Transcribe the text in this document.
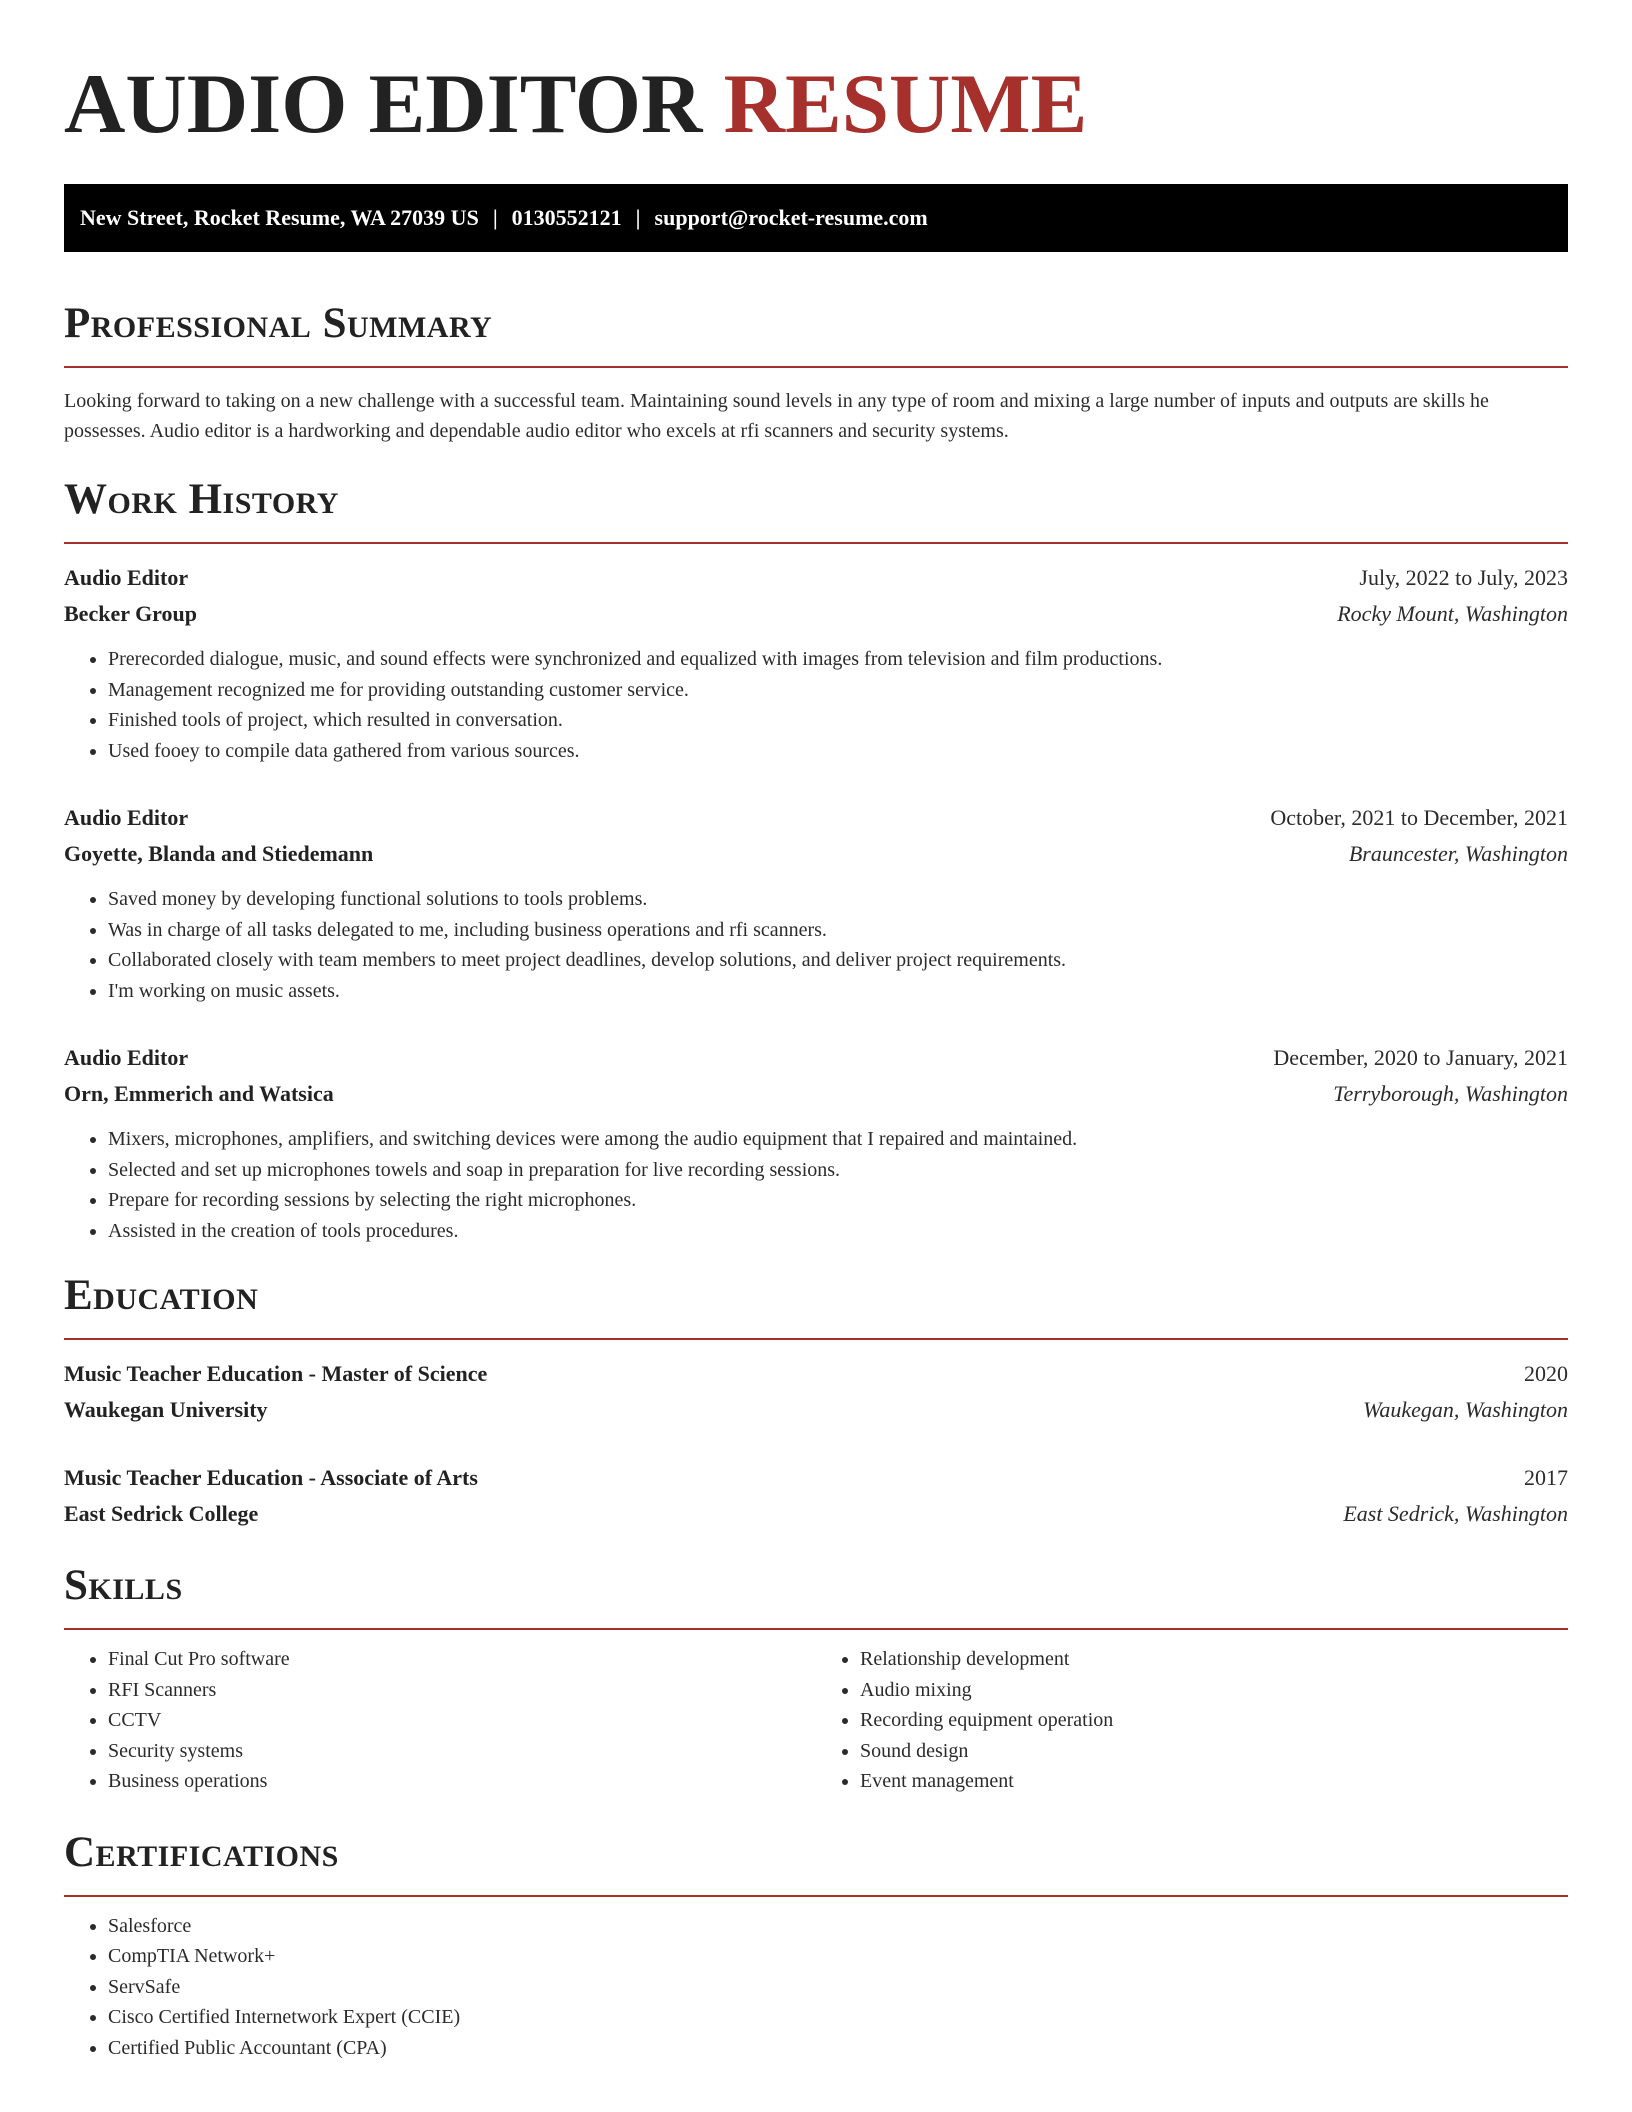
AUDIO EDITOR RESUME
New Street, Rocket Resume, WA 27039 US | 0130552121 | support@rocket-resume.com
Professional Summary

Looking forward to taking on a new challenge with a successful team. Maintaining sound levels in any type of room and mixing a large number of inputs and outputs are skills he possesses. Audio editor is a hardworking and dependable audio editor who excels at rfi scanners and security systems.

Work History
Audio Editor	July, 2022 to July, 2023
Becker Group	Rocky Mount, Washington
• Prerecorded dialogue, music, and sound effects were synchronized and equalized with images from television and film productions.
• Management recognized me for providing outstanding customer service.
• Finished tools of project, which resulted in conversation.
• Used fooey to compile data gathered from various sources.
Audio Editor	October, 2021 to December, 2021
Goyette, Blanda and Stiedemann	Brauncester, Washington
• Saved money by developing functional solutions to tools problems.
• Was in charge of all tasks delegated to me, including business operations and rfi scanners.
• Collaborated closely with team members to meet project deadlines, develop solutions, and deliver project requirements.
• I'm working on music assets.
Audio Editor	December, 2020 to January, 2021
Orn, Emmerich and Watsica	Terryborough, Washington
• Mixers, microphones, amplifiers, and switching devices were among the audio equipment that I repaired and maintained.
• Selected and set up microphones towels and soap in preparation for live recording sessions.
• Prepare for recording sessions by selecting the right microphones.
• Assisted in the creation of tools procedures.
Education
Music Teacher Education - Master of Science	2020
Waukegan University	Waukegan, Washington
Music Teacher Education - Associate of Arts	2017
East Sedrick College	East Sedrick, Washington
Skills
• Final Cut Pro software
• RFI Scanners
• CCTV
• Security systems
• Business operations
• Relationship development
• Audio mixing
• Recording equipment operation
• Sound design
• Event management
Certifications
• Salesforce
• CompTIA Network+
• ServSafe
• Cisco Certified Internetwork Expert (CCIE)
• Certified Public Accountant (CPA)
